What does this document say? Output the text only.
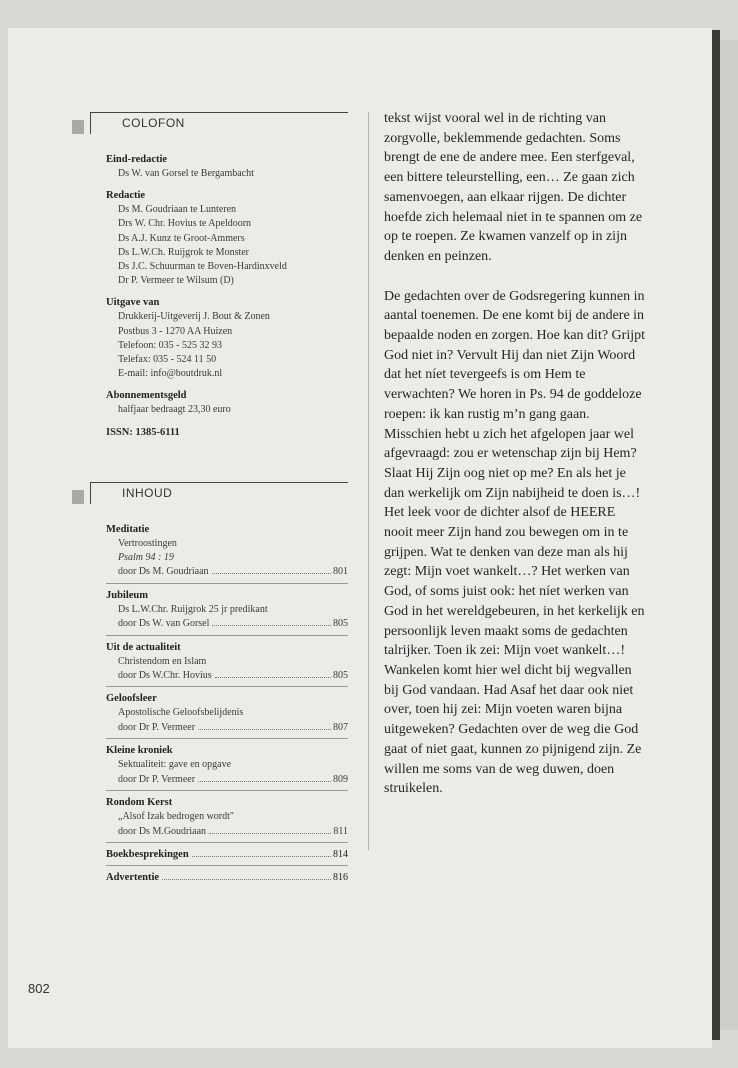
COLOFON
Eind-redactie
Ds W. van Gorsel te Bergambacht
Redactie
Ds M. Goudriaan te Lunteren
Drs W. Chr. Hovius te Apeldoorn
Ds A.J. Kunz te Groot-Ammers
Ds L.W.Ch. Ruijgrok te Monster
Ds J.C. Schuurman te Boven-Hardinxveld
Dr P. Vermeer te Wilsum (D)
Uitgave van
Drukkerij-Uitgeverij J. Bout & Zonen
Postbus 3 - 1270 AA Huizen
Telefoon: 035 - 525 32 93
Telefax: 035 - 524 11 50
E-mail: info@boutdruk.nl
Abonnementsgeld
halfjaar bedraagt 23,30 euro
ISSN: 1385-6111
INHOUD
Meditatie
Vertroostingen
Psalm 94 : 19
door Ds M. Goudriaan	801
Jubileum
Ds L.W.Chr. Ruijgrok 25 jr predikant
door Ds W. van Gorsel	805
Uit de actualiteit
Christendom en Islam
door Ds W.Chr. Hovius	805
Geloofsleer
Apostolische Geloofsbelijdenis
door Dr P. Vermeer	807
Kleine kroniek
Sektualiteit: gave en opgave
door Dr P. Vermeer	809
Rondom Kerst
„Alsof Izak bedrogen wordt"
door Ds M.Goudriaan	811
Boekbesprekingen	814
Advertentie	816

tekst wijst vooral wel in de richting van zorgvolle, beklemmende gedachten. Soms brengt de ene de andere mee. Een sterfgeval, een bittere teleurstelling, een… Ze gaan zich samenvoegen, aan elkaar rijgen. De dichter hoefde zich helemaal niet in te spannen om ze op te roepen. Ze kwamen vanzelf op in zijn denken en peinzen.

De gedachten over de Godsregering kunnen in aantal toenemen. De ene komt bij de andere in bepaalde noden en zorgen. Hoe kan dit? Grijpt God niet in? Vervult Hij dan niet Zijn Woord dat het níet tevergeefs is om Hem te verwachten? We horen in Ps. 94 de goddeloze roepen: ik kan rustig m’n gang gaan. Misschien hebt u zich het afgelopen jaar wel afgevraagd: zou er wetenschap zijn bij Hem? Slaat Hij Zijn oog niet op me? En als het je dan werkelijk om Zijn nabijheid te doen is…! Het leek voor de dichter alsof de HEERE nooit meer Zijn hand zou bewegen om in te grijpen. Wat te denken van deze man als hij zegt: Mijn voet wankelt…? Het werken van God, of soms juist ook: het níet werken van God in het wereldgebeuren, in het kerkelijk en persoonlijk leven maakt soms de gedachten talrijker. Toen ik zei: Mijn voet wankelt…! Wankelen komt hier wel dicht bij wegvallen bij God vandaan. Had Asaf het daar ook niet over, toen hij zei: Mijn voeten waren bijna uitgeweken? Gedachten over de weg die God gaat of niet gaat, kunnen zo pijnigend zijn. Ze willen me soms van de weg duwen, doen struikelen.

802
